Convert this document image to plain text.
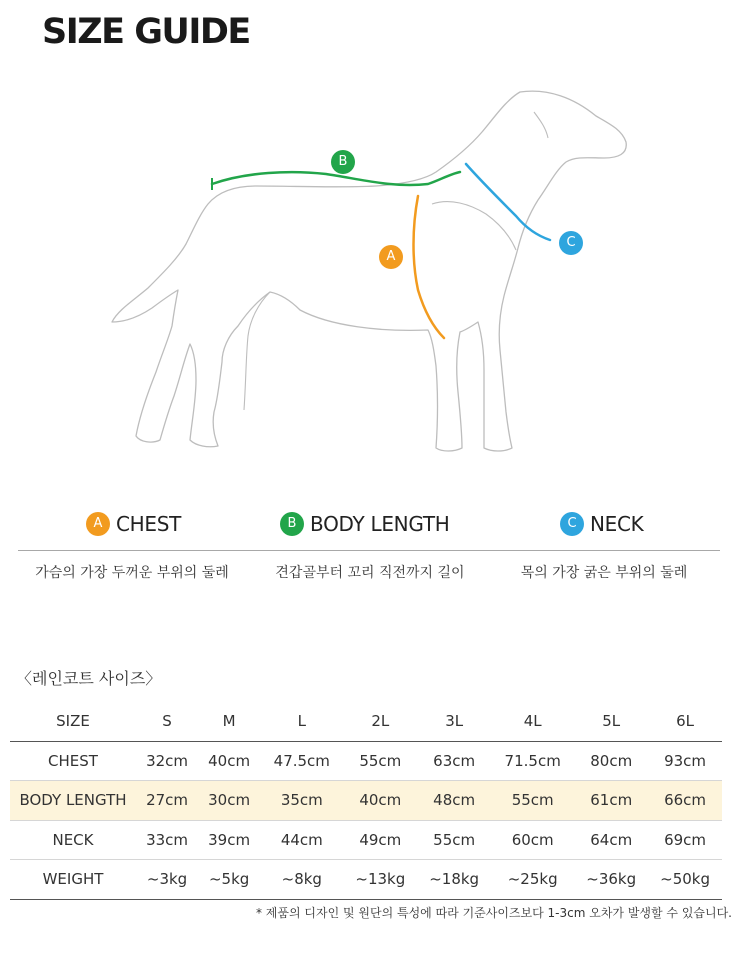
SIZE GUIDE
B
A
C
A CHEST	B BODY LENGTH	C NECK
가슴의 가장 두꺼운 부위의 둘레	견갑골부터 꼬리 직전까지 길이	목의 가장 굵은 부위의 둘레
〈레인코트 사이즈〉
SIZE	S	M	L	2L	3L	4L	5L	6L
CHEST	32cm	40cm	47.5cm	55cm	63cm	71.5cm	80cm	93cm
BODY LENGTH	27cm	30cm	35cm	40cm	48cm	55cm	61cm	66cm
NECK	33cm	39cm	44cm	49cm	55cm	60cm	64cm	69cm
WEIGHT	~3kg	~5kg	~8kg	~13kg	~18kg	~25kg	~36kg	~50kg
* 제품의 디자인 및 원단의 특성에 따라 기준사이즈보다 1-3cm 오차가 발생할 수 있습니다.
